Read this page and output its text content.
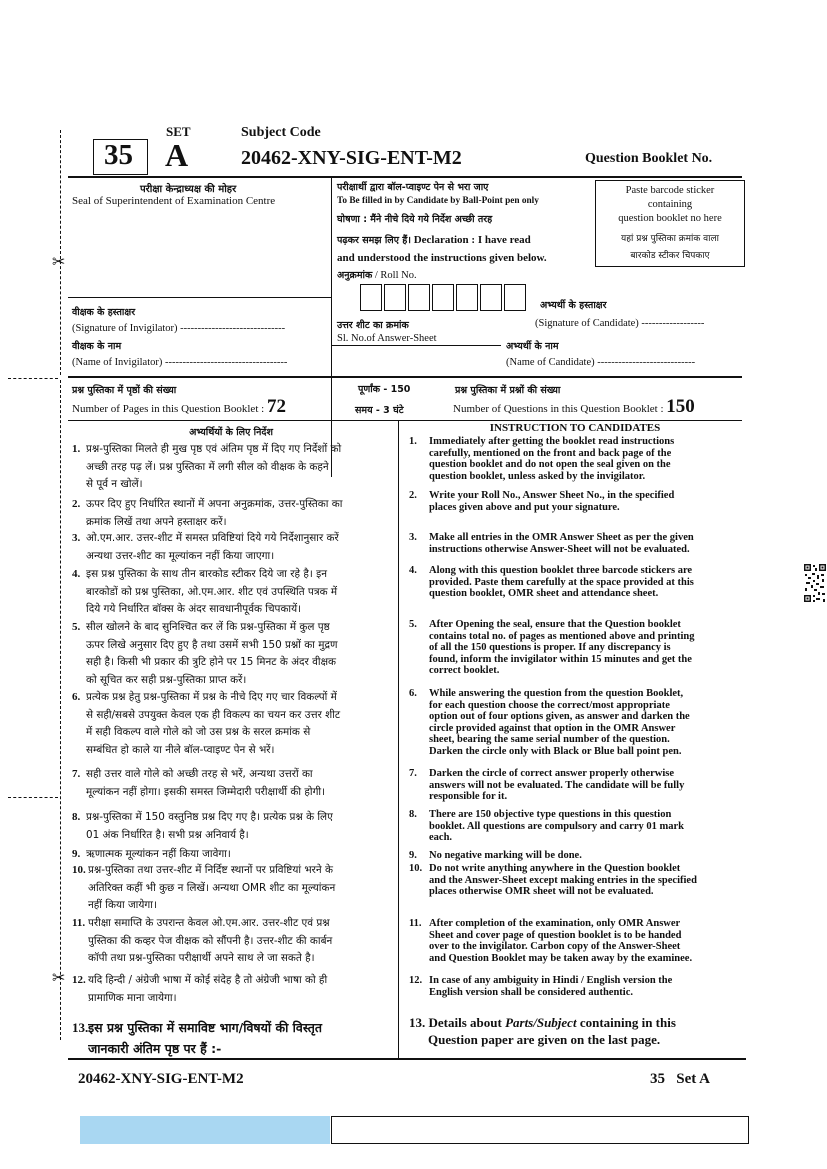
✂
✂
SET	Subject Code
35 A	20462-XNY-SIG-ENT-M2	Question Booklet No.
परीक्षा केन्द्राध्यक्ष की मोहर
Seal of Superintendent of Examination Centre
परीक्षार्थी द्वारा बॉल-प्वाइण्ट पेन से भरा जाए
To Be filled in by Candidate by Ball-Point pen only
घोषणा : मैंने नीचे दिये गये निर्देश अच्छी तरह
पढ़कर समझ लिए हैं। Declaration : I have read
and understood the instructions given below.
अनुक्रमांक / Roll No.
Paste barcode sticker
containing
question booklet no here
यहां प्रश्न पुस्तिका क्रमांक वाला
बारकोड स्टीकर चिपकाए
वीक्षक के हस्ताक्षर
(Signature of Invigilator) ------------------------------
वीक्षक के नाम
(Name of Invigilator) -----------------------------------
उत्तर शीट का क्रमांक
Sl. No.of Answer-Sheet
अभ्यर्थी के हस्ताक्षर
(Signature of Candidate) ------------------
अभ्यर्थी के नाम
(Name of Candidate) ----------------------------
प्रश्न पुस्तिका में पृष्ठों की संख्या
Number of Pages in this Question Booklet : 72
पूर्णांक - 150
समय - 3 घंटे
प्रश्न पुस्तिका में प्रश्नों की संख्या
Number of Questions in this Question Booklet : 150
अभ्यर्थियों के लिए निर्देश
1. प्रश्न-पुस्तिका मिलते ही मुख पृष्ठ एवं अंतिम पृष्ठ में दिए गए निर्देशों को
अच्छी तरह पढ़ लें। प्रश्न पुस्तिका में लगी सील को वीक्षक के कहने
से पूर्व न खोलें।
2. ऊपर दिए हुए निर्धारित स्थानों में अपना अनुक्रमांक, उत्तर-पुस्तिका का
क्रमांक लिखें तथा अपने हस्ताक्षर करें।
3. ओ.एम.आर. उत्तर-शीट में समस्त प्रविष्टियां दिये गये निर्देशानुसार करें
अन्यथा उत्तर-शीट का मूल्यांकन नहीं किया जाएगा।
4. इस प्रश्न पुस्तिका के साथ तीन बारकोड स्टीकर दिये जा रहे है। इन
बारकोडों को प्रश्न पुस्तिका, ओ.एम.आर. शीट एवं उपस्थिति पत्रक में
दिये गये निर्धारित बॉक्स के अंदर सावधानीपूर्वक चिपकायें।
5. सील खोलने के बाद सुनिश्चित कर लें कि प्रश्न-पुस्तिका में कुल पृष्ठ
ऊपर लिखे अनुसार दिए हुए है तथा उसमें सभी 150 प्रश्नों का मुद्रण
सही है। किसी भी प्रकार की त्रुटि होने पर 15 मिनट के अंदर वीक्षक
को सूचित कर सही प्रश्न-पुस्तिका प्राप्त करें।
6. प्रत्येक प्रश्न हेतु प्रश्न-पुस्तिका में प्रश्न के नीचे दिए गए चार विकल्पों में
से सही/सबसे उपयुक्त केवल एक ही विकल्प का चयन कर उत्तर शीट
में सही विकल्प वाले गोले को जो उस प्रश्न के सरल क्रमांक से
सम्बंधित हो काले या नीले बॉल-प्वाइण्ट पेन से भरें।
7. सही उत्तर वाले गोले को अच्छी तरह से भरें, अन्यथा उत्तरों का
मूल्यांकन नहीं होगा। इसकी समस्त जिम्मेदारी परीक्षार्थी की होगी।
8. प्रश्न-पुस्तिका में 150 वस्तुनिष्ठ प्रश्न दिए गए है। प्रत्येक प्रश्न के लिए
01 अंक निर्धारित है। सभी प्रश्न अनिवार्य है।
9. ऋणात्मक मूल्यांकन नहीं किया जावेगा।
10. प्रश्न-पुस्तिका तथा उत्तर-शीट में निर्दिष्ट स्थानों पर प्रविष्टियां भरने के
अतिरिक्त कहीं भी कुछ न लिखें। अन्यथा OMR शीट का मूल्यांकन
नहीं किया जायेगा।
11. परीक्षा समाप्ति के उपरान्त केवल ओ.एम.आर. उत्तर-शीट एवं प्रश्न
पुस्तिका की कव्हर पेज वीक्षक को सौंपनी है। उत्तर-शीट की कार्बन
कॉपी तथा प्रश्न-पुस्तिका परीक्षार्थी अपने साथ ले जा सकते है।
12. यदि हिन्दी / अंग्रेजी भाषा में कोई संदेह है तो अंग्रेजी भाषा को ही
प्रामाणिक माना जायेगा।
13. इस प्रश्न पुस्तिका में समाविष्ट भाग/विषयों की विस्तृत
जानकारी अंतिम पृष्ठ पर हैं :-
INSTRUCTION TO CANDIDATES
1. Immediately after getting the booklet read instructions
carefully, mentioned on the front and back page of the
question booklet and do not open the seal given on the
question booklet, unless asked by the invigilator.
2. Write your Roll No., Answer Sheet No., in the specified
places given above and put your signature.
3. Make all entries in the OMR Answer Sheet as per the given
instructions otherwise Answer-Sheet will not be evaluated.
4. Along with this question booklet three barcode stickers are
provided. Paste them carefully at the space provided at this
question booklet, OMR sheet and attendance sheet.
5. After Opening the seal, ensure that the Question booklet
contains total no. of pages as mentioned above and printing
of all the 150 questions is proper. If any discrepancy is
found, inform the invigilator within 15 minutes and get the
correct booklet.
6. While answering the question from the question Booklet,
for each question choose the correct/most appropriate
option out of four options given, as answer and darken the
circle provided against that option in the OMR Answer
sheet, bearing the same serial number of the question.
Darken the circle only with Black or Blue ball point pen.
7. Darken the circle of correct answer properly otherwise
answers will not be evaluated. The candidate will be fully
responsible for it.
8. There are 150 objective type questions in this question
booklet. All questions are compulsory and carry 01 mark
each.
9. No negative marking will be done.
10. Do not write anything anywhere in the Question booklet
and the Answer-Sheet except making entries in the specified
places otherwise OMR sheet will not be evaluated.
11. After completion of the examination, only OMR Answer
Sheet and cover page of question booklet is to be handed
over to the invigilator. Carbon copy of the Answer-Sheet
and Question Booklet may be taken away by the examinee.
12. In case of any ambiguity in Hindi / English version the
English version shall be considered authentic.
13. Details about Parts/Subject containing in this
Question paper are given on the last page.
20462-XNY-SIG-ENT-M2	35   Set A
